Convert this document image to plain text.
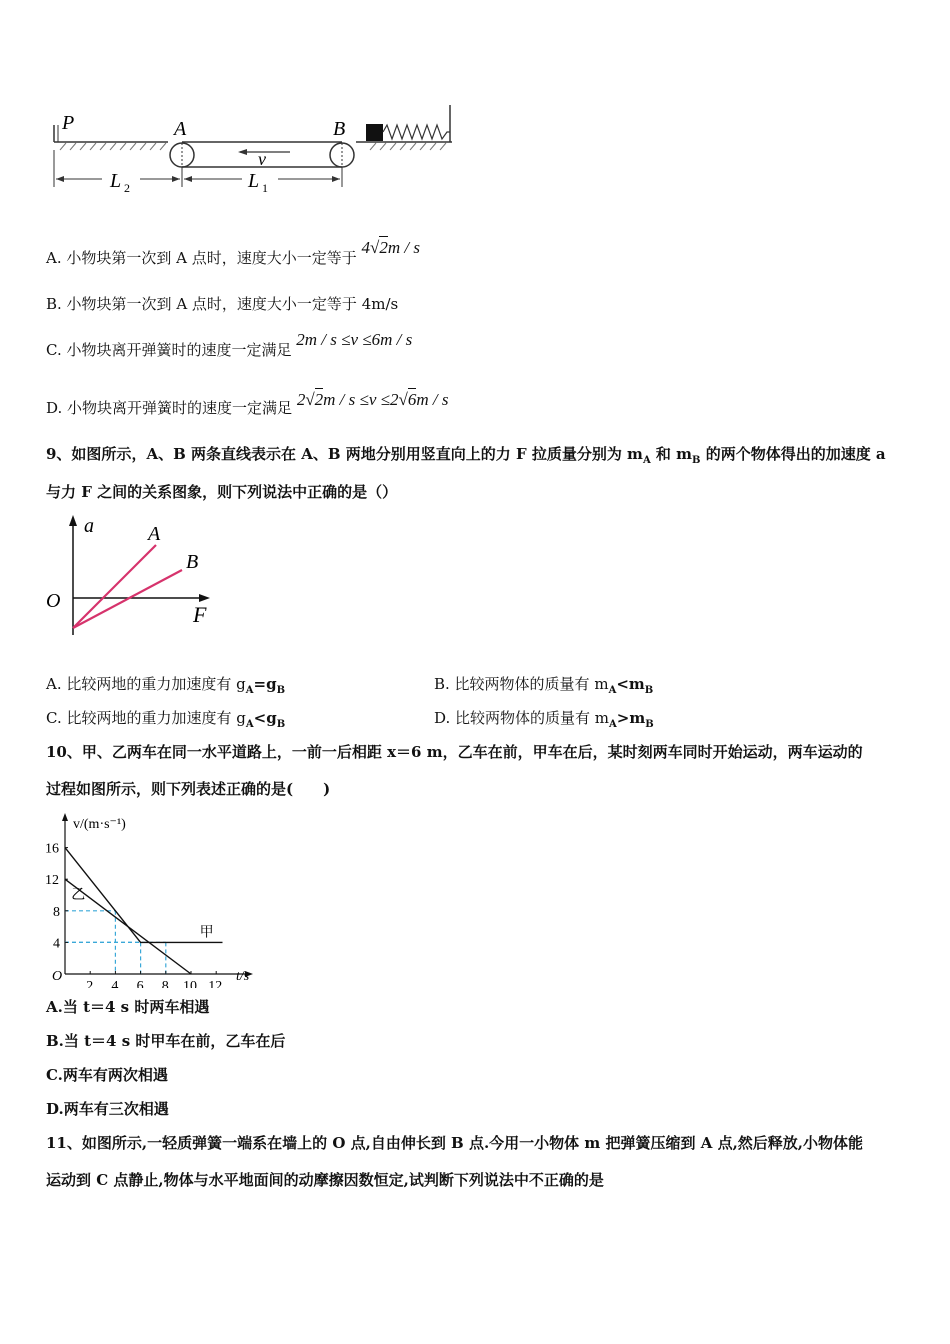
P	A	B
v
L 2	L 1
A. 小物块第一次到 A 点时，速度大小一定等于 4√2m / s
B. 小物块第一次到 A 点时，速度大小一定等于 4m/s
C. 小物块离开弹簧时的速度一定满足 2m / s ≤v ≤6m / s
D. 小物块离开弹簧时的速度一定满足 2√2m / s ≤v ≤2√6m / s
9、如图所示，A、B 两条直线表示在 A、B 两地分别用竖直向上的力 F 拉质量分别为 $m_A$ 和 $m_B$ 的两个物体得出的加速度 a
与力 F 之间的关系图象，则下列说法中正确的是（）
a
F
O
A
B
A. 比较两地的重力加速度有 $g_A=g_B$	B. 比较两物体的质量有 $m_A<m_B$
C. 比较两地的重力加速度有 $g_A<g_B$	D. 比较两物体的质量有 $m_A>m_B$
10、甲、乙两车在同一水平道路上，一前一后相距 x＝6 m，乙车在前，甲车在后，某时刻两车同时开始运动，两车运动的
过程如图所示，则下列表述正确的是(　　)
甲
乙
2 4 6 8 10 12
4
8
12
16
v/(m·s⁻¹)
t/s
O
A.当 t＝4 s 时两车相遇
B.当 t＝4 s 时甲车在前，乙车在后
C.两车有两次相遇
D.两车有三次相遇
11、如图所示,一轻质弹簧一端系在墙上的 O 点,自由伸长到 B 点.今用一小物体 m 把弹簧压缩到 A 点,然后释放,小物体能
运动到 C 点静止,物体与水平地面间的动摩擦因数恒定,试判断下列说法中不正确的是
